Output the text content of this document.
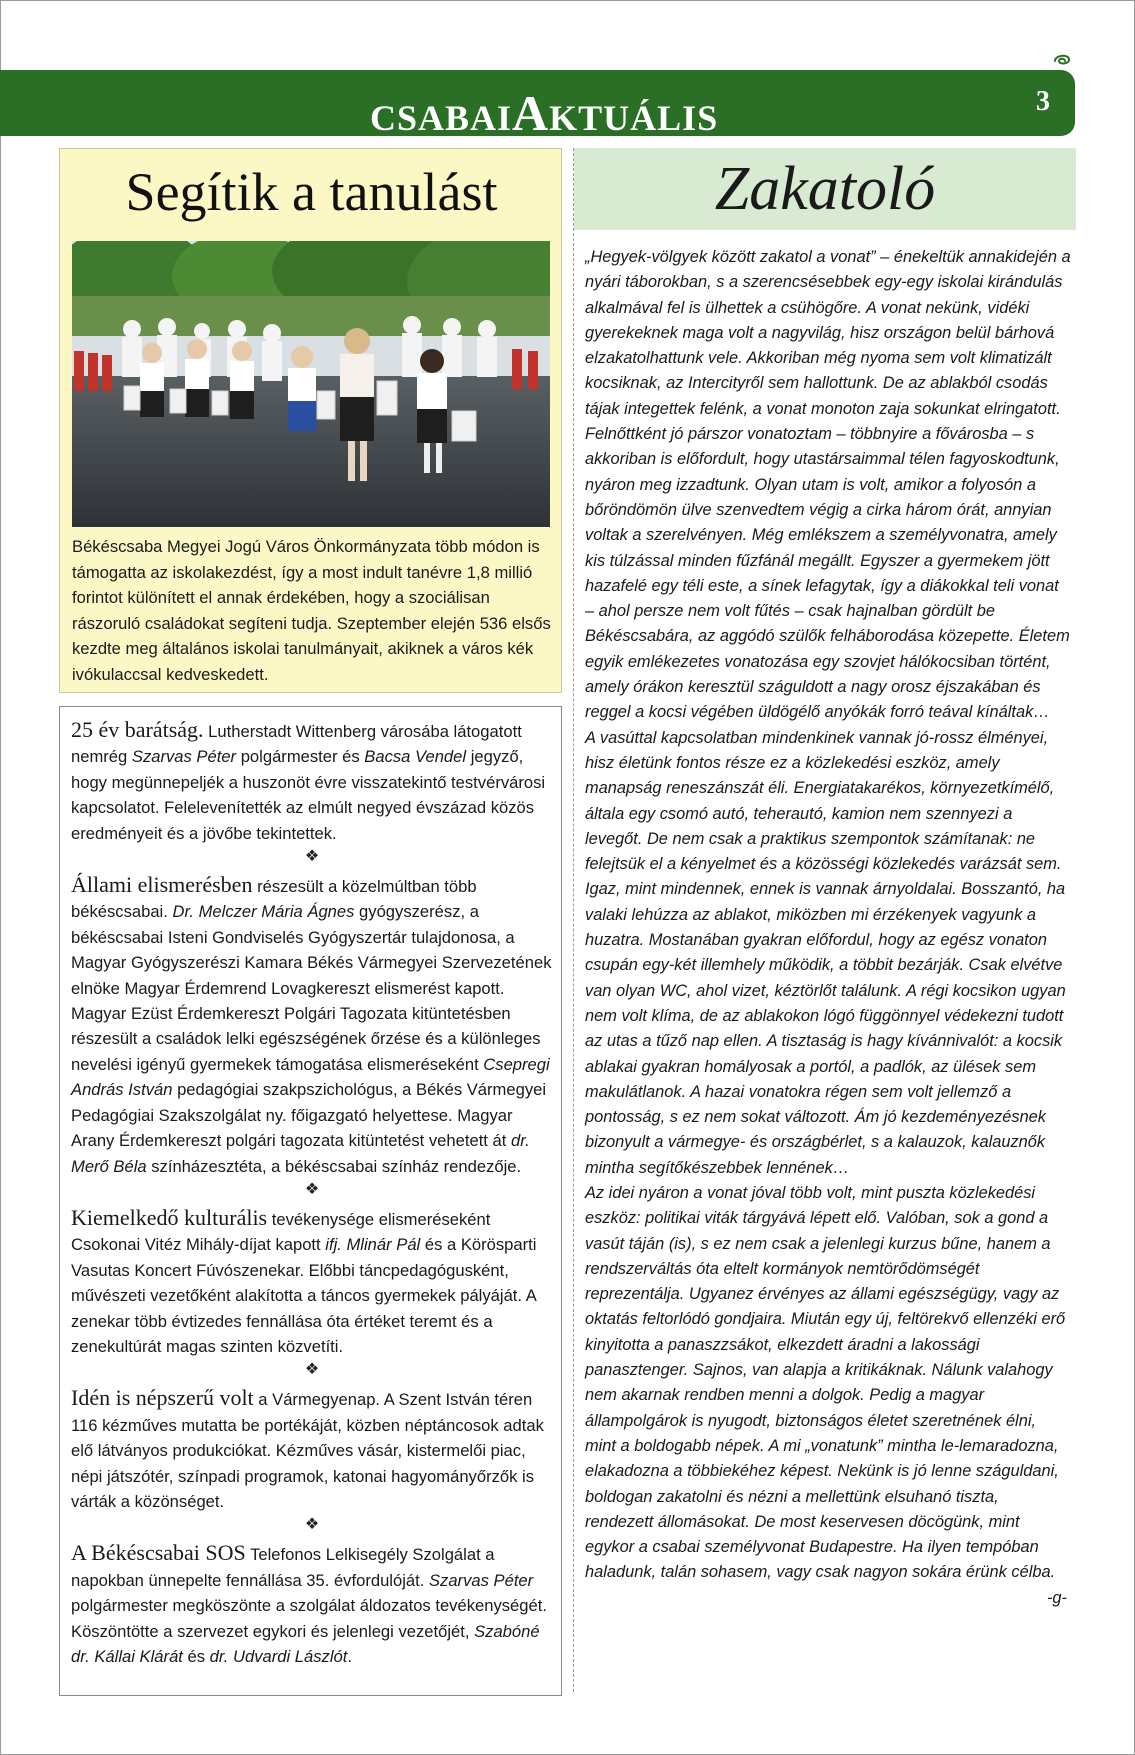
CSABAIAKTUÁLIS	3
Segítik a tanulást
Békéscsaba Megyei Jogú Város Önkormányzata több módon is támogatta az iskolakezdést, így a most indult tanévre 1,8 millió forintot különített el annak érdekében, hogy a szociálisan rászoruló családokat segíteni tudja. Szeptember elején 536 elsős kezdte meg általános iskolai tanulmányait, akiknek a város kék ivókulaccsal kedveskedett.

25 év barátság. Lutherstadt Wittenberg városába látogatott nemrég Szarvas Péter polgármester és Bacsa Vendel jegyző, hogy megünnepeljék a huszonöt évre visszatekintő testvérvárosi kapcsolatot. Felelevenítették az elmúlt negyed évszázad közös eredményeit és a jövőbe tekintettek.

❖

Állami elismerésben részesült a közelmúltban több békéscsabai. Dr. Melczer Mária Ágnes gyógyszerész, a békéscsabai Isteni Gondviselés Gyógyszertár tulajdonosa, a Magyar Gyógyszerészi Kamara Békés Vármegyei Szervezetének elnöke Magyar Érdemrend Lovagkereszt elismerést kapott. Magyar Ezüst Érdemkereszt Polgári Tagozata kitüntetésben részesült a családok lelki egészségének őrzése és a különleges nevelési igényű gyermekek támogatása elismeréseként Csepregi András István pedagógiai szakpszichológus, a Békés Vármegyei Pedagógiai Szakszolgálat ny. főigazgató helyettese. Magyar Arany Érdemkereszt polgári tagozata kitüntetést vehetett át dr. Merő Béla színházesztéta, a békéscsabai színház rendezője.

❖

Kiemelkedő kulturális tevékenysége elismeréseként Csokonai Vitéz Mihály-díjat kapott ifj. Mlinár Pál és a Körösparti Vasutas Koncert Fúvószenekar. Előbbi táncpedagógusként, művészeti vezetőként alakította a táncos gyermekek pályáját. A zenekar több évtizedes fennállása óta értéket teremt és a zenekultúrát magas szinten közvetíti.

❖

Idén is népszerű volt a Vármegyenap. A Szent István téren 116 kézműves mutatta be portékáját, közben néptáncosok adtak elő látványos produkciókat. Kézműves vásár, kistermelői piac, népi játszótér, színpadi programok, katonai hagyományőrzők is várták a közönséget.

❖

A Békéscsabai SOS Telefonos Lelkisegély Szolgálat a napokban ünnepelte fennállása 35. évfordulóját. Szarvas Péter polgármester megköszönte a szolgálat áldozatos tevékenységét. Köszöntötte a szervezet egykori és jelenlegi vezetőjét, Szabóné dr. Kállai Klárát és dr. Udvardi Lászlót.

Zakatoló

„Hegyek-völgyek között zakatol a vonat” – énekeltük annakidején a nyári táborokban, s a szerencsésebbek egy-egy iskolai kirándulás alkalmával fel is ülhettek a csühögőre. A vonat nekünk, vidéki gyerekeknek maga volt a nagyvilág, hisz országon belül bárhová elzakatolhattunk vele. Akkoriban még nyoma sem volt klimatizált kocsiknak, az Intercityről sem hallottunk. De az ablakból csodás tájak integettek felénk, a vonat monoton zaja sokunkat elringatott. Felnőttként jó párszor vonatoztam – többnyire a fővárosba – s akkoriban is előfordult, hogy utastársaimmal télen fagyoskodtunk, nyáron meg izzadtunk. Olyan utam is volt, amikor a folyosón a bőröndömön ülve szenvedtem végig a cirka három órát, annyian voltak a szerelvényen. Még emlékszem a személyvonatra, amely kis túlzással minden fűzfánál megállt. Egyszer a gyermekem jött hazafelé egy téli este, a sínek lefagytak, így a diákokkal teli vonat – ahol persze nem volt fűtés – csak hajnalban gördült be Békéscsabára, az aggódó szülők felháborodása közepette. Életem egyik emlékezetes vonatozása egy szovjet hálókocsiban történt, amely órákon keresztül száguldott a nagy orosz éjszakában és reggel a kocsi végében üldögélő anyókák forró teával kínáltak…

A vasúttal kapcsolatban mindenkinek vannak jó-rossz élményei, hisz életünk fontos része ez a közlekedési eszköz, amely manapság reneszánszát éli. Energiatakarékos, környezetkímélő, általa egy csomó autó, teherautó, kamion nem szennyezi a levegőt. De nem csak a praktikus szempontok számítanak: ne felejtsük el a kényelmet és a közösségi közlekedés varázsát sem. Igaz, mint mindennek, ennek is vannak árnyoldalai. Bosszantó, ha valaki lehúzza az ablakot, miközben mi érzékenyek vagyunk a huzatra. Mostanában gyakran előfordul, hogy az egész vonaton csupán egy-két illemhely működik, a többit bezárják. Csak elvétve van olyan WC, ahol vizet, kéztörlőt találunk. A régi kocsikon ugyan nem volt klíma, de az ablakokon lógó függönnyel védekezni tudott az utas a tűző nap ellen. A tisztaság is hagy kívánnivalót: a kocsik ablakai gyakran homályosak a portól, a padlók, az ülések sem makulátlanok. A hazai vonatokra régen sem volt jellemző a pontosság, s ez nem sokat változott. Ám jó kezdeményezésnek bizonyult a vármegye- és országbérlet, s a kalauzok, kalauznők mintha segítőkészebbek lennének…

Az idei nyáron a vonat jóval több volt, mint puszta közlekedési eszköz: politikai viták tárgyává lépett elő. Valóban, sok a gond a vasút táján (is), s ez nem csak a jelenlegi kurzus bűne, hanem a rendszerváltás óta eltelt kormányok nemtörődömségét reprezentálja. Ugyanez érvényes az állami egészségügy, vagy az oktatás feltorlódó gondjaira. Miután egy új, feltörekvő ellenzéki erő kinyitotta a panaszzsákot, elkezdett áradni a lakossági panasztenger. Sajnos, van alapja a kritikáknak. Nálunk valahogy nem akarnak rendben menni a dolgok. Pedig a magyar állampolgárok is nyugodt, biztonságos életet szeretnének élni, mint a boldogabb népek. A mi „vonatunk” mintha le-lemaradozna, elakadozna a többiekéhez képest. Nekünk is jó lenne száguldani, boldogan zakatolni és nézni a mellettünk elsuhanó tiszta, rendezett állomásokat. De most keservesen döcögünk, mint egykor a csabai személyvonat Budapestre. Ha ilyen tempóban haladunk, talán sohasem, vagy csak nagyon sokára érünk célba.
-g-
